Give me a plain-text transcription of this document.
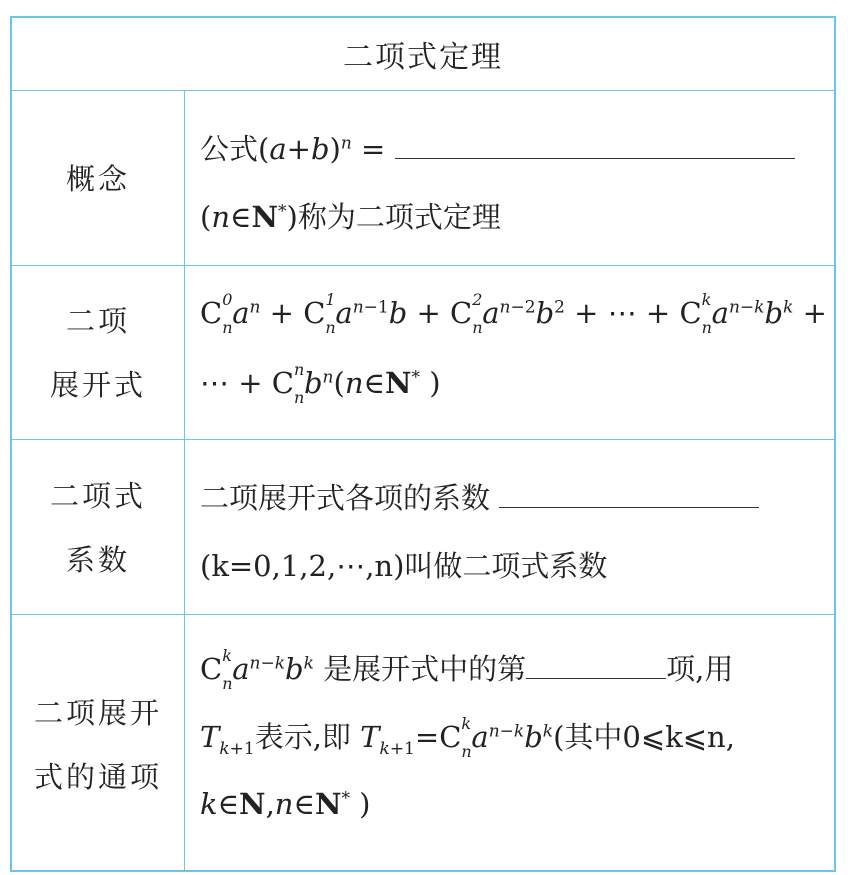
二项式定理
概念
公式$(a+b)^n$ =
(n∈N*)称为二项式定理
二项
展开式
C 0
n $a^n + C$ 1
n $a^{n-1}b + C$ 2
n $a^{n-2}b^2$ + ⋯ + C k
n $a^{n-k}b^k$ +
⋯ + C n
n $b^n(n\in N^*$ )
二项式
系数
二项展开式各项的系数
(k=0,1,2,⋯,n)叫做二项式系数
二项展开
式的通项
C k
n $a^{n-k}b^k$ 是展开式中的第	项,用
$T_{k+1}$表示,即 $T_{k+1}=C$ k
n $a^{n-k}b^k$(其中0⩽k⩽n,
k∈N,n∈N* )
